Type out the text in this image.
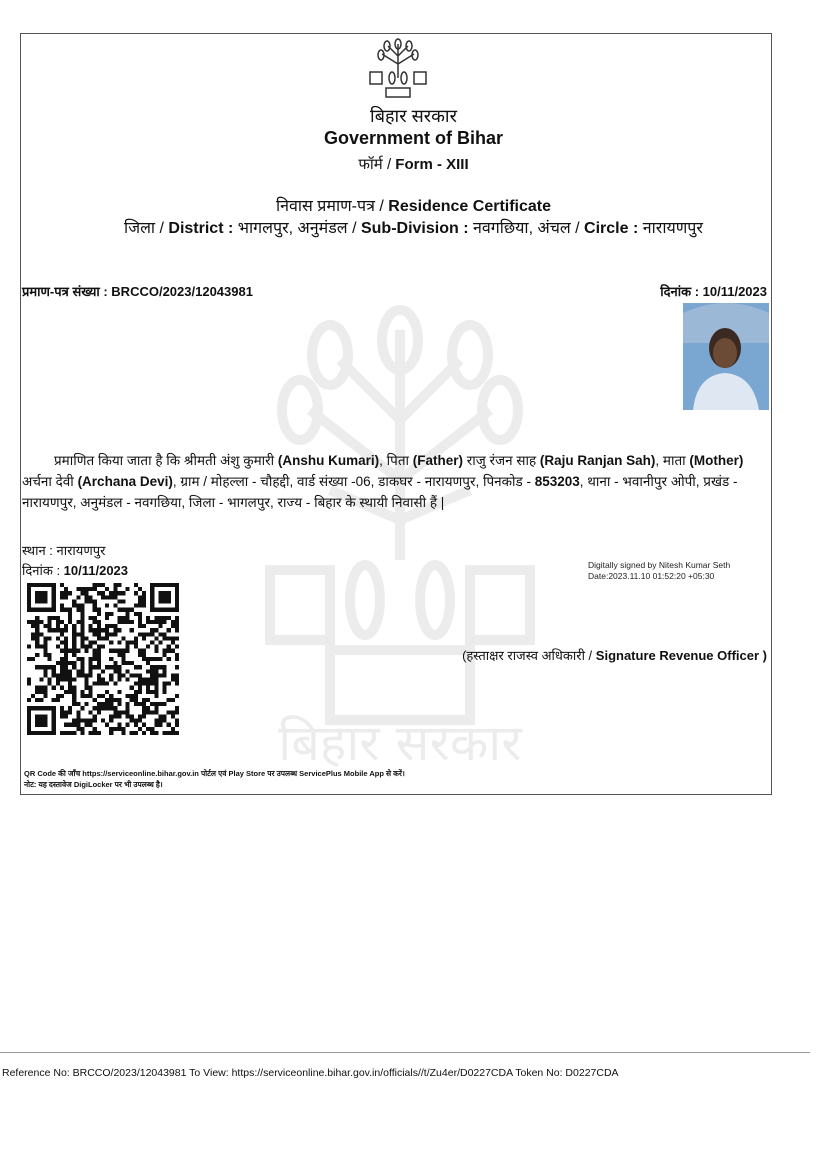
बिहार सरकार
बिहार सरकार
Government of Bihar
फॉर्म / Form - XIII
निवास प्रमाण-पत्र / Residence Certificate
जिला / District : भागलपुर, अनुमंडल / Sub-Division : नवगछिया, अंचल / Circle : नारायणपुर
प्रमाण-पत्र संख्या : BRCCO/2023/12043981	दिनांक : 10/11/2023
प्रमाणित किया जाता है कि श्रीमती अंशु कुमारी (Anshu Kumari), पिता (Father) राजु रंजन साह (Raju Ranjan Sah), माता (Mother) अर्चना देवी (Archana Devi), ग्राम / मोहल्ला - चौहद्दी, वार्ड संख्या -06, डाकघर - नारायणपुर, पिनकोड - 853203, थाना - भवानीपुर ओपी, प्रखंड - नारायणपुर, अनुमंडल - नवगछिया, जिला - भागलपुर, राज्य - बिहार के स्थायी निवासी हैं |
स्थान : नारायणपुर
दिनांक : 10/11/2023	Digitally signed by Nitesh Kumar Seth
Date:2023.11.10 01:52:20 +05:30
(हस्ताक्षर राजस्व अधिकारी / Signature Revenue Officer )
QR Code की जाँच https://serviceonline.bihar.gov.in पोर्टल एवं Play Store पर उपलब्ध ServicePlus Mobile App से करें।
नोट: यह दस्तावेज DigiLocker पर भी उपलब्ध है।
Reference No: BRCCO/2023/12043981 To View: https://serviceonline.bihar.gov.in/officials//t/Zu4er/D0227CDA Token No: D0227CDA
